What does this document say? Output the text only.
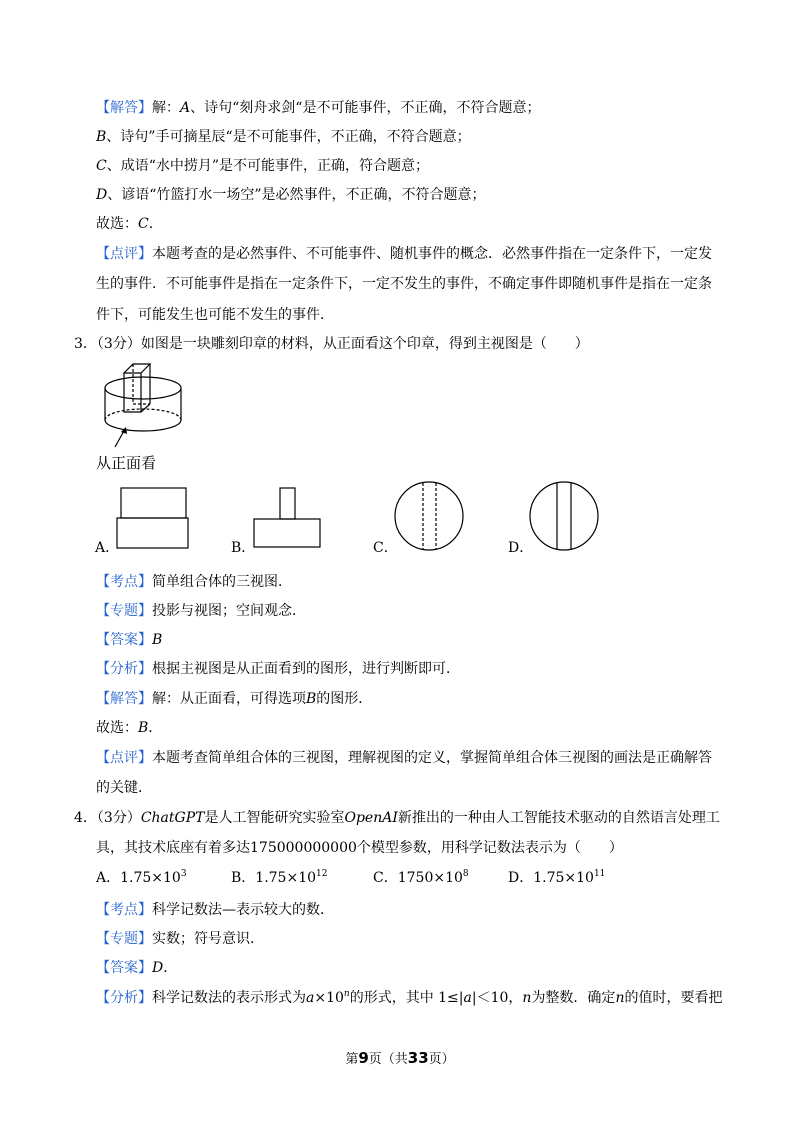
【解答】解：A、诗句“刻舟求剑“是不可能事件，不正确，不符合题意；
B、诗句”手可摘星辰“是不可能事件，不正确，不符合题意；
C、成语“水中捞月”是不可能事件，正确，符合题意；
D、谚语“竹篮打水一场空”是必然事件，不正确，不符合题意；
故选：C.
【点评】本题考查的是必然事件、不可能事件、随机事件的概念．必然事件指在一定条件下，一定发
生的事件．不可能事件是指在一定条件下，一定不发生的事件，不确定事件即随机事件是指在一定条
件下，可能发生也可能不发生的事件．
3．（3分）如图是一块雕刻印章的材料，从正面看这个印章，得到主视图是（　　）
从正面看
A．	B．	C．	D．
【考点】简单组合体的三视图．
【专题】投影与视图；空间观念．
【答案】B
【分析】根据主视图是从正面看到的图形，进行判断即可．
【解答】解：从正面看，可得选项B的图形．
故选：B．
【点评】本题考查简单组合体的三视图，理解视图的定义，掌握简单组合体三视图的画法是正确解答
的关键．
4．（3分）ChatGPT是人工智能研究实验室OpenAI新推出的一种由人工智能技术驱动的自然语言处理工
具，其技术底座有着多达175000000000个模型参数，用科学记数法表示为（　　）
A．$1.75\times 10^3$	B．$1.75\times 10^{12}$	C．$1750\times 10^8$	D．$1.75\times 10^{11}$
【考点】科学记数法—表示较大的数．
【专题】实数；符号意识．
【答案】D．
【分析】科学记数法的表示形式为$a\times 10^n$的形式，其中 1≤|a|＜10，n为整数．确定n的值时，要看把
第9页（共33页）
